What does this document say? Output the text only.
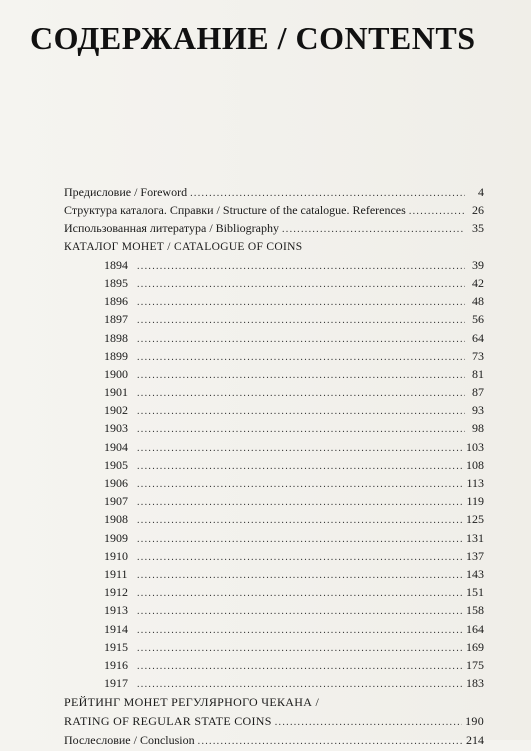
СОДЕРЖАНИЕ / CONTENTS
Предисловие / Foreword . . .	4
Структура каталога. Справки / Structure of the catalogue. References . . .	26
Использованная литература / Bibliography . . .	35
КАТАЛОГ МОНЕТ / CATALOGUE OF COINS
1894 . . .	39
1895 . . .	42
1896 . . .	48
1897 . . .	56
1898 . . .	64
1899 . . .	73
1900 . . .	81
1901 . . .	87
1902 . . .	93
1903 . . .	98
1904 . . .	103
1905 . . .	108
1906 . . .	113
1907 . . .	119
1908 . . .	125
1909 . . .	131
1910 . . .	137
1911 . . .	143
1912 . . .	151
1913 . . .	158
1914 . . .	164
1915 . . .	169
1916 . . .	175
1917 . . .	183
РЕЙТИНГ МОНЕТ РЕГУЛЯРНОГО ЧЕКАНА /
RATING OF REGULAR STATE COINS . . .	190
Послесловие / Conclusion . . .	214
